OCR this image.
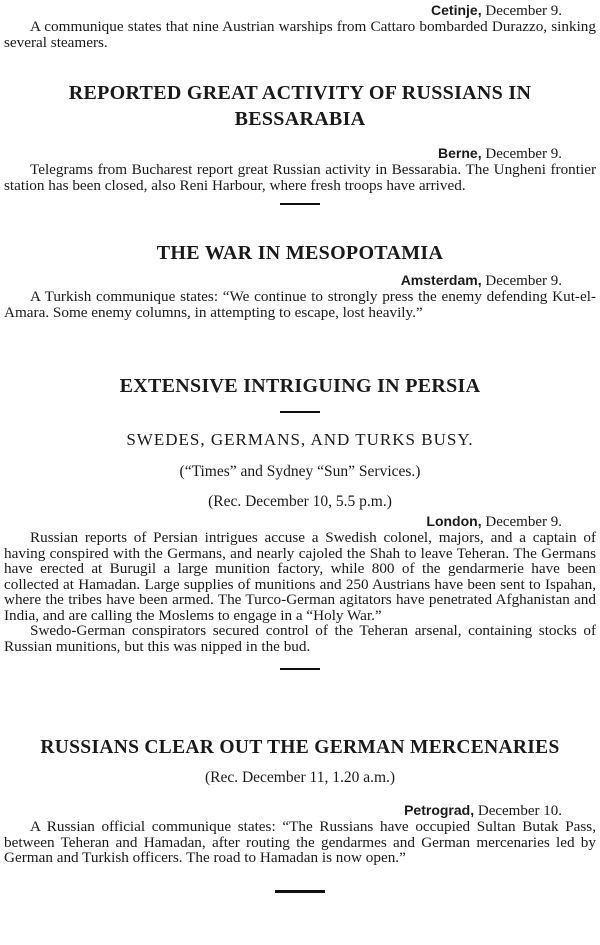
Cetinje, December 9.

A communique states that nine Austrian warships from Cattaro bombarded Durazzo, sinking several steamers.

REPORTED GREAT ACTIVITY OF RUSSIANS IN BESSARABIA

Berne, December 9.

Telegrams from Bucharest report great Russian activity in Bessarabia. The Ungheni frontier station has been closed, also Reni Harbour, where fresh troops have arrived.

THE WAR IN MESOPOTAMIA

Amsterdam, December 9.

A Turkish communique states: “We continue to strongly press the enemy defending Kut-el-Amara. Some enemy columns, in attempting to escape, lost heavily.”

EXTENSIVE INTRIGUING IN PERSIA

SWEDES, GERMANS, AND TURKS BUSY.

(“Times” and Sydney “Sun” Services.)

(Rec. December 10, 5.5 p.m.)

London, December 9.

Russian reports of Persian intrigues accuse a Swedish colonel, majors, and a captain of having conspired with the Germans, and nearly cajoled the Shah to leave Teheran. The Germans have erected at Burugil a large munition factory, while 800 of the gendarmerie have been collected at Hamadan. Large supplies of munitions and 250 Austrians have been sent to Ispahan, where the tribes have been armed. The Turco-German agitators have penetrated Afghanistan and India, and are calling the Moslems to engage in a “Holy War.”

Swedo-German conspirators secured control of the Teheran arsenal, containing stocks of Russian munitions, but this was nipped in the bud.

RUSSIANS CLEAR OUT THE GERMAN MERCENARIES

(Rec. December 11, 1.20 a.m.)

Petrograd, December 10.

A Russian official communique states: “The Russians have occupied Sultan Butak Pass, between Teheran and Hamadan, after routing the gendarmes and German mercenaries led by German and Turkish officers. The road to Hamadan is now open.”
